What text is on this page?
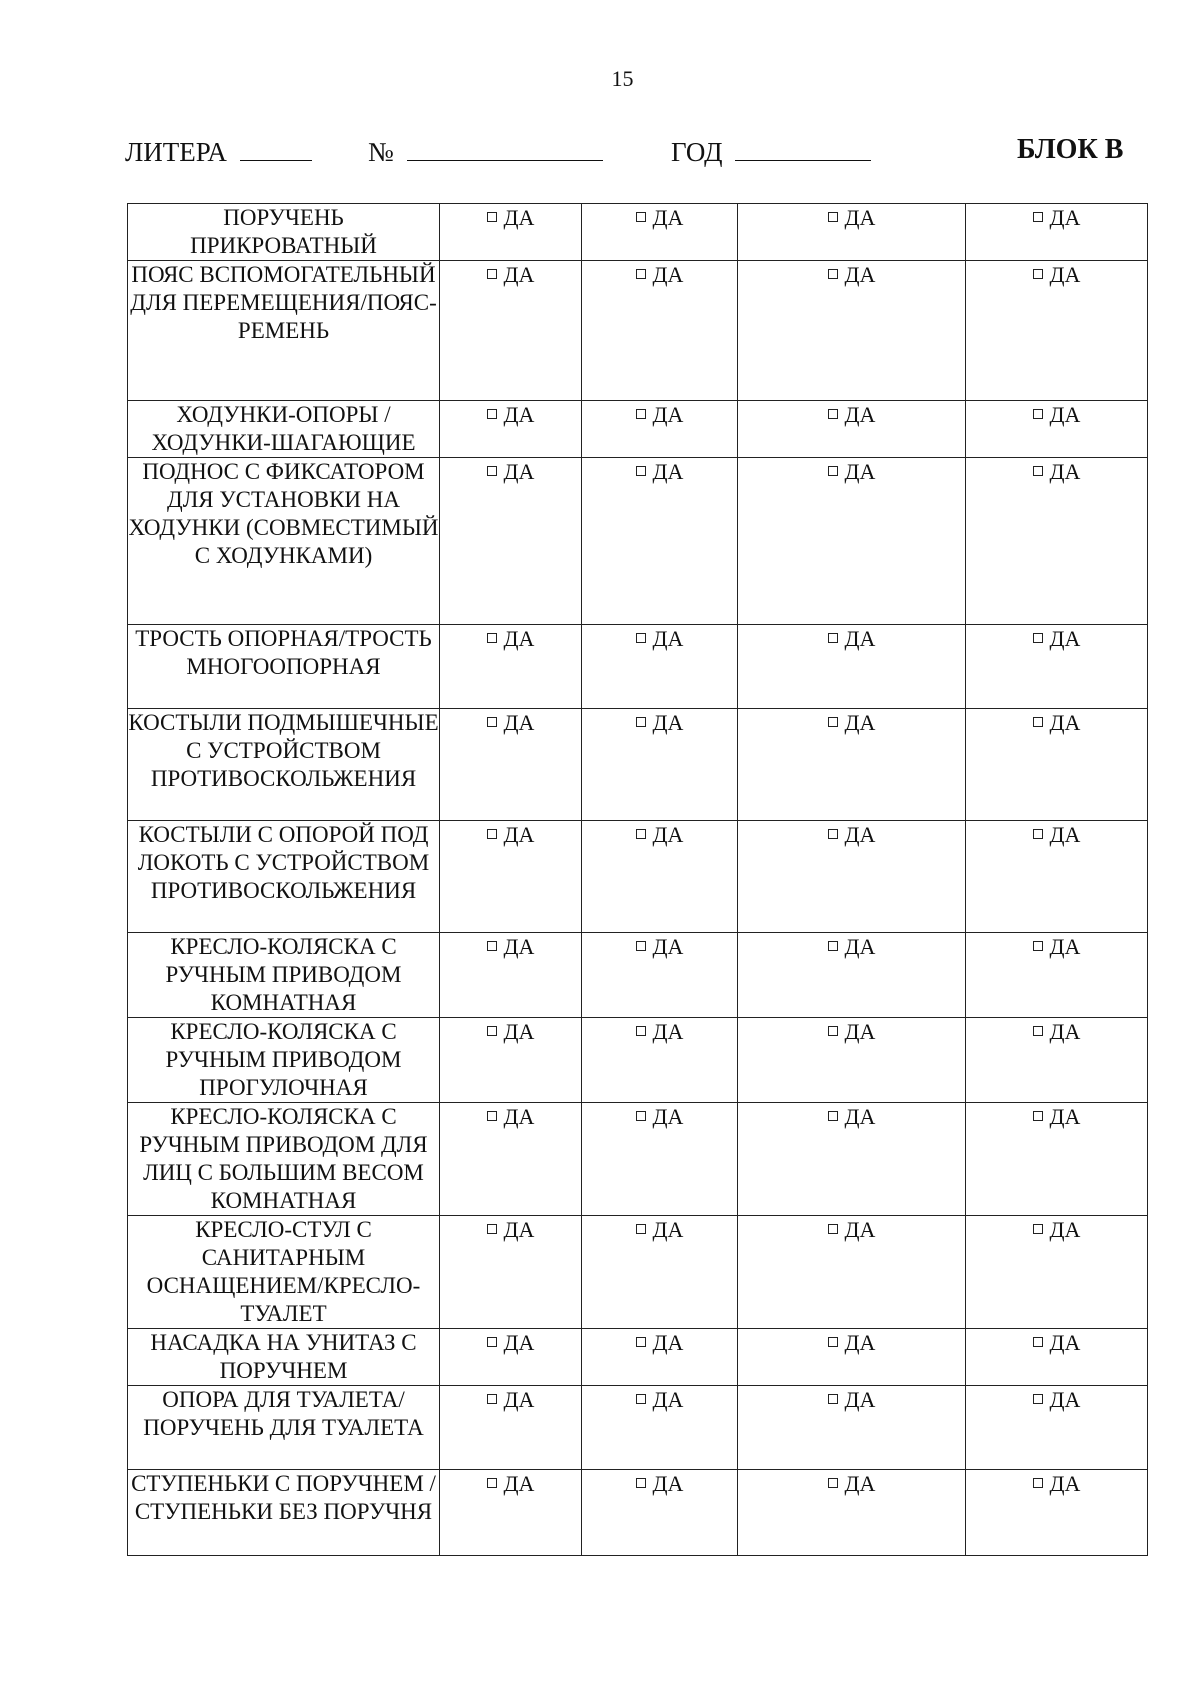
15
ЛИТЕРА	№	ГОД	БЛОК В
ПОРУЧЕНЬ ПРИКРОВАТНЫЙ	ДА	ДА	ДА	ДА

ПОЯС ВСПОМОГАТЕЛЬНЫЙ ДЛЯ ПЕРЕМЕЩЕНИЯ/ПОЯС-РЕМЕНЬ	ДА	ДА	ДА	ДА

ХОДУНКИ-ОПОРЫ /ХОДУНКИ-ШАГАЮЩИЕ	ДА	ДА	ДА	ДА

ПОДНОС С ФИКСАТОРОМ ДЛЯ УСТАНОВКИ НА ХОДУНКИ (СОВМЕСТИМЫЙ С ХОДУНКАМИ)	ДА	ДА	ДА	ДА

ТРОСТЬ ОПОРНАЯ/ТРОСТЬ МНОГООПОРНАЯ	ДА	ДА	ДА	ДА

КОСТЫЛИ ПОДМЫШЕЧНЫЕ С УСТРОЙСТВОМ ПРОТИВОСКОЛЬЖЕНИЯ	ДА	ДА	ДА	ДА

КОСТЫЛИ С ОПОРОЙ ПОД ЛОКОТЬ С УСТРОЙСТВОМ ПРОТИВОСКОЛЬЖЕНИЯ	ДА	ДА	ДА	ДА

КРЕСЛО-КОЛЯСКА С РУЧНЫМ ПРИВОДОМ КОМНАТНАЯ	ДА	ДА	ДА	ДА

КРЕСЛО-КОЛЯСКА С РУЧНЫМ ПРИВОДОМ ПРОГУЛОЧНАЯ	ДА	ДА	ДА	ДА

КРЕСЛО-КОЛЯСКА С РУЧНЫМ ПРИВОДОМ ДЛЯ ЛИЦ С БОЛЬШИМ ВЕСОМ КОМНАТНАЯ	ДА	ДА	ДА	ДА

КРЕСЛО-СТУЛ С САНИТАРНЫМ ОСНАЩЕНИЕМ/КРЕСЛО-ТУАЛЕТ	ДА	ДА	ДА	ДА

НАСАДКА НА УНИТАЗ С ПОРУЧНЕМ	ДА	ДА	ДА	ДА

ОПОРА ДЛЯ ТУАЛЕТА/ПОРУЧЕНЬ ДЛЯ ТУАЛЕТА	ДА	ДА	ДА	ДА

СТУПЕНЬКИ С ПОРУЧНЕМ /СТУПЕНЬКИ БЕЗ ПОРУЧНЯ	ДА	ДА	ДА	ДА
